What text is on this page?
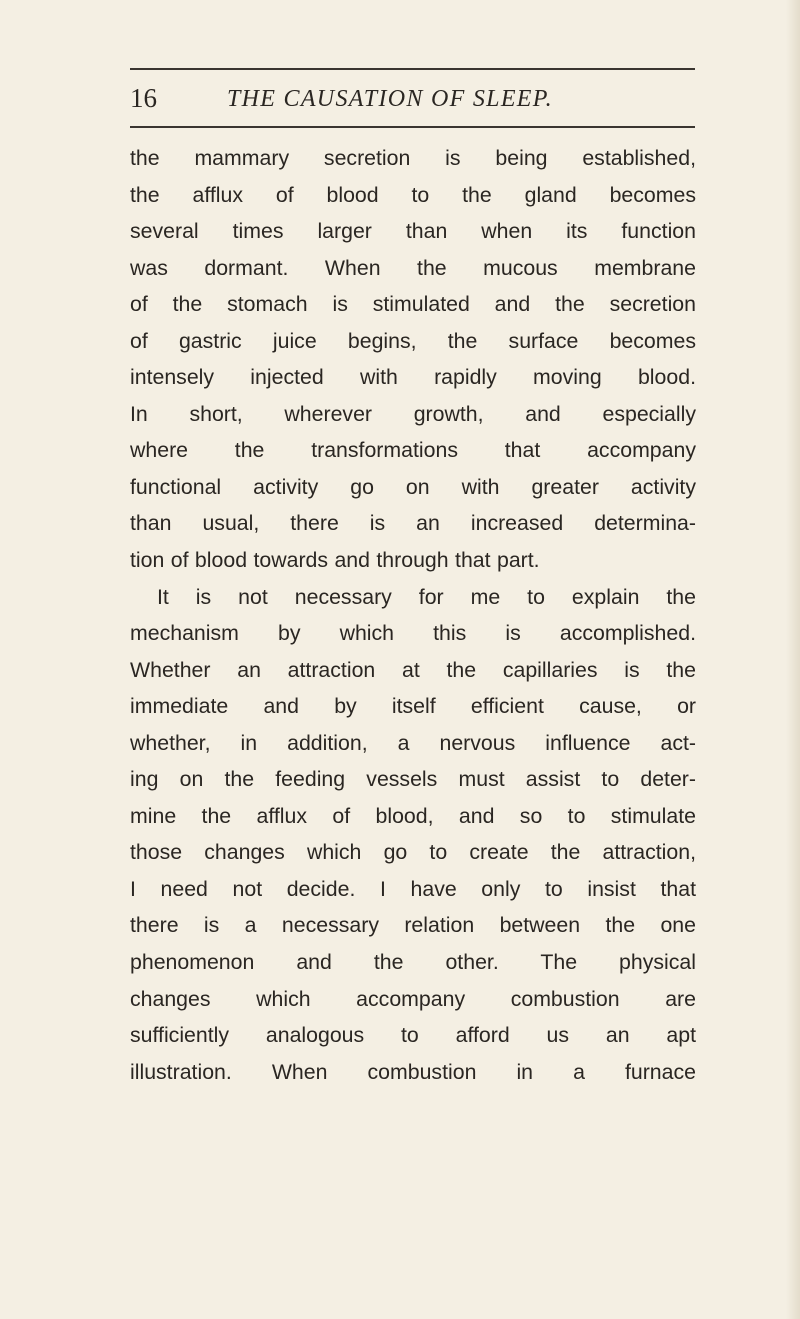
16	THE CAUSATION OF SLEEP.
the mammary secretion is being established,
the afflux of blood to the gland becomes
several times larger than when its function
was dormant. When the mucous membrane
of the stomach is stimulated and the secretion
of gastric juice begins, the surface becomes
intensely injected with rapidly moving blood.
In short, wherever growth, and especially
where the transformations that accompany
functional activity go on with greater activity
than usual, there is an increased determina-
tion of blood towards and through that part.
It is not necessary for me to explain the
mechanism by which this is accomplished.
Whether an attraction at the capillaries is the
immediate and by itself efficient cause, or
whether, in addition, a nervous influence act-
ing on the feeding vessels must assist to deter-
mine the afflux of blood, and so to stimulate
those changes which go to create the attraction,
I need not decide. I have only to insist that
there is a necessary relation between the one
phenomenon and the other. The physical
changes which accompany combustion are
sufficiently analogous to afford us an apt
illustration. When combustion in a furnace
